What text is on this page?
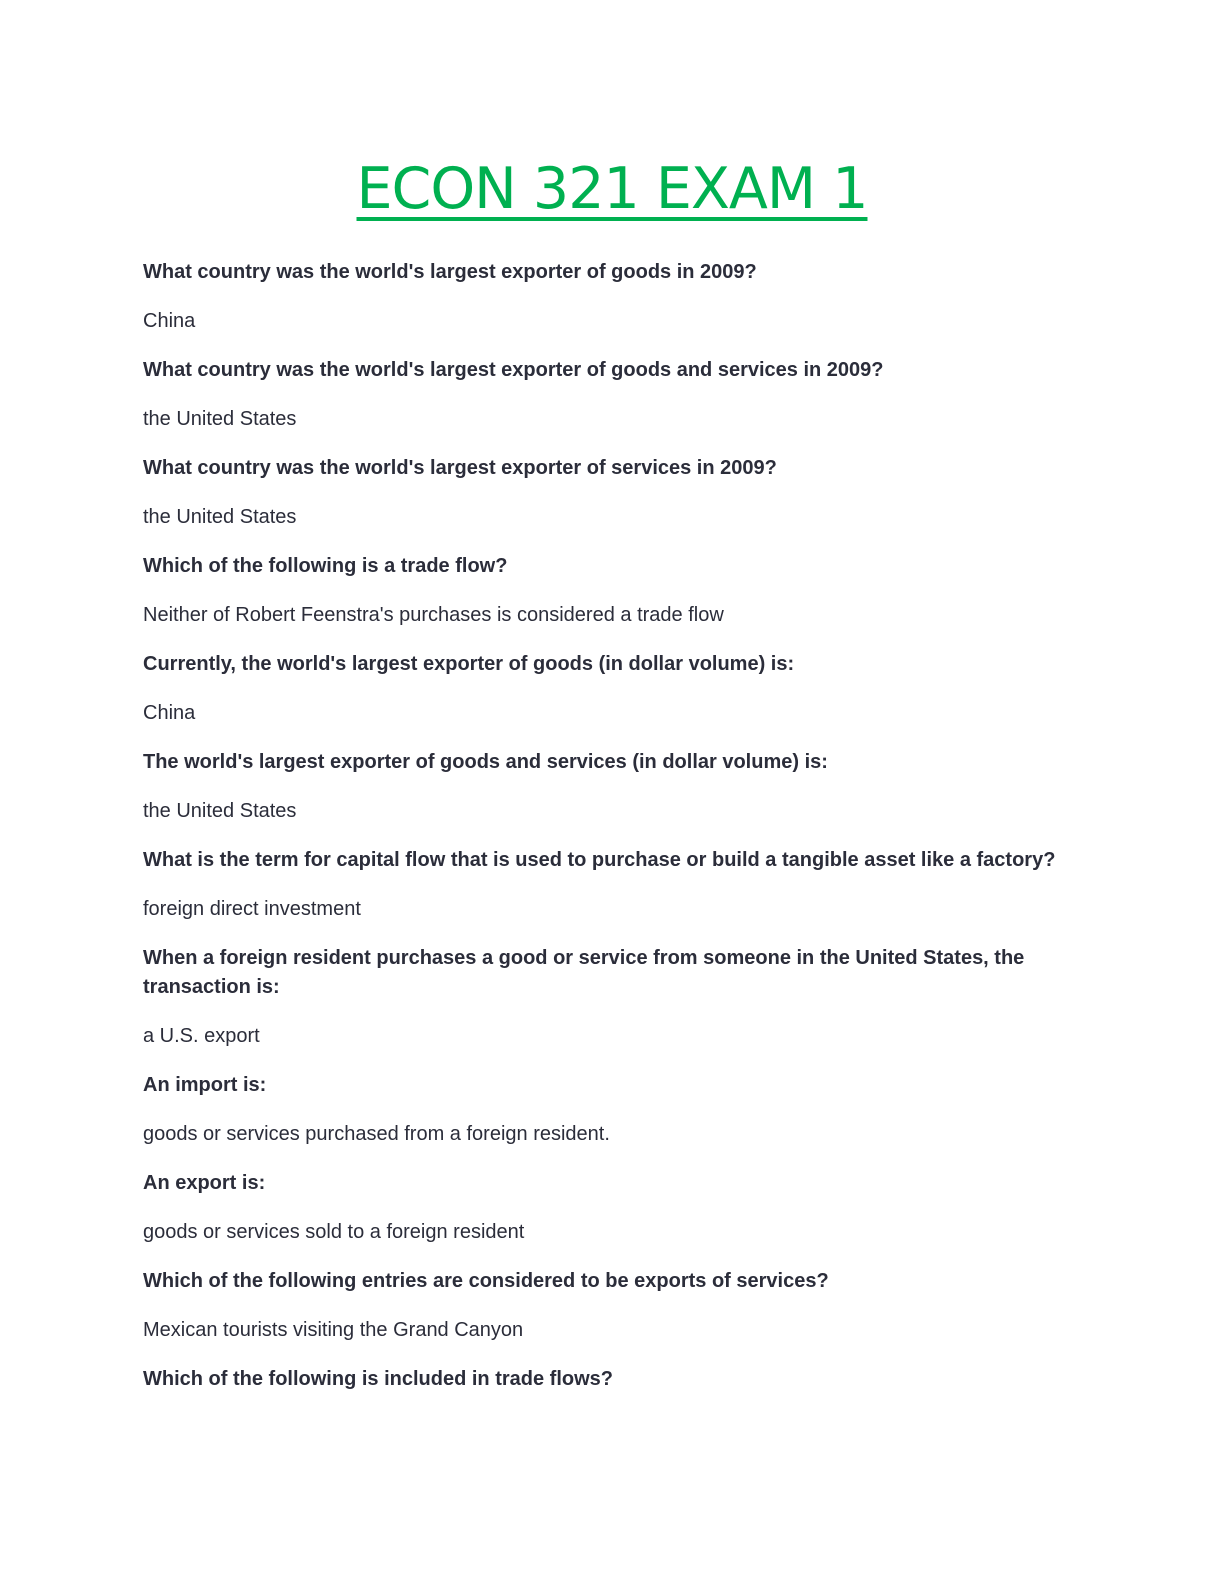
ECON 321 EXAM 1

What country was the world's largest exporter of goods in 2009?

China

What country was the world's largest exporter of goods and services in 2009?

the United States

What country was the world's largest exporter of services in 2009?

the United States

Which of the following is a trade flow?

Neither of Robert Feenstra's purchases is considered a trade flow

Currently, the world's largest exporter of goods (in dollar volume) is:

China

The world's largest exporter of goods and services (in dollar volume) is:

the United States

What is the term for capital flow that is used to purchase or build a tangible asset like a factory?

foreign direct investment

When a foreign resident purchases a good or service from someone in the United States, the transaction is:

a U.S. export

An import is:

goods or services purchased from a foreign resident.

An export is:

goods or services sold to a foreign resident

Which of the following entries are considered to be exports of services?

Mexican tourists visiting the Grand Canyon

Which of the following is included in trade flows?
